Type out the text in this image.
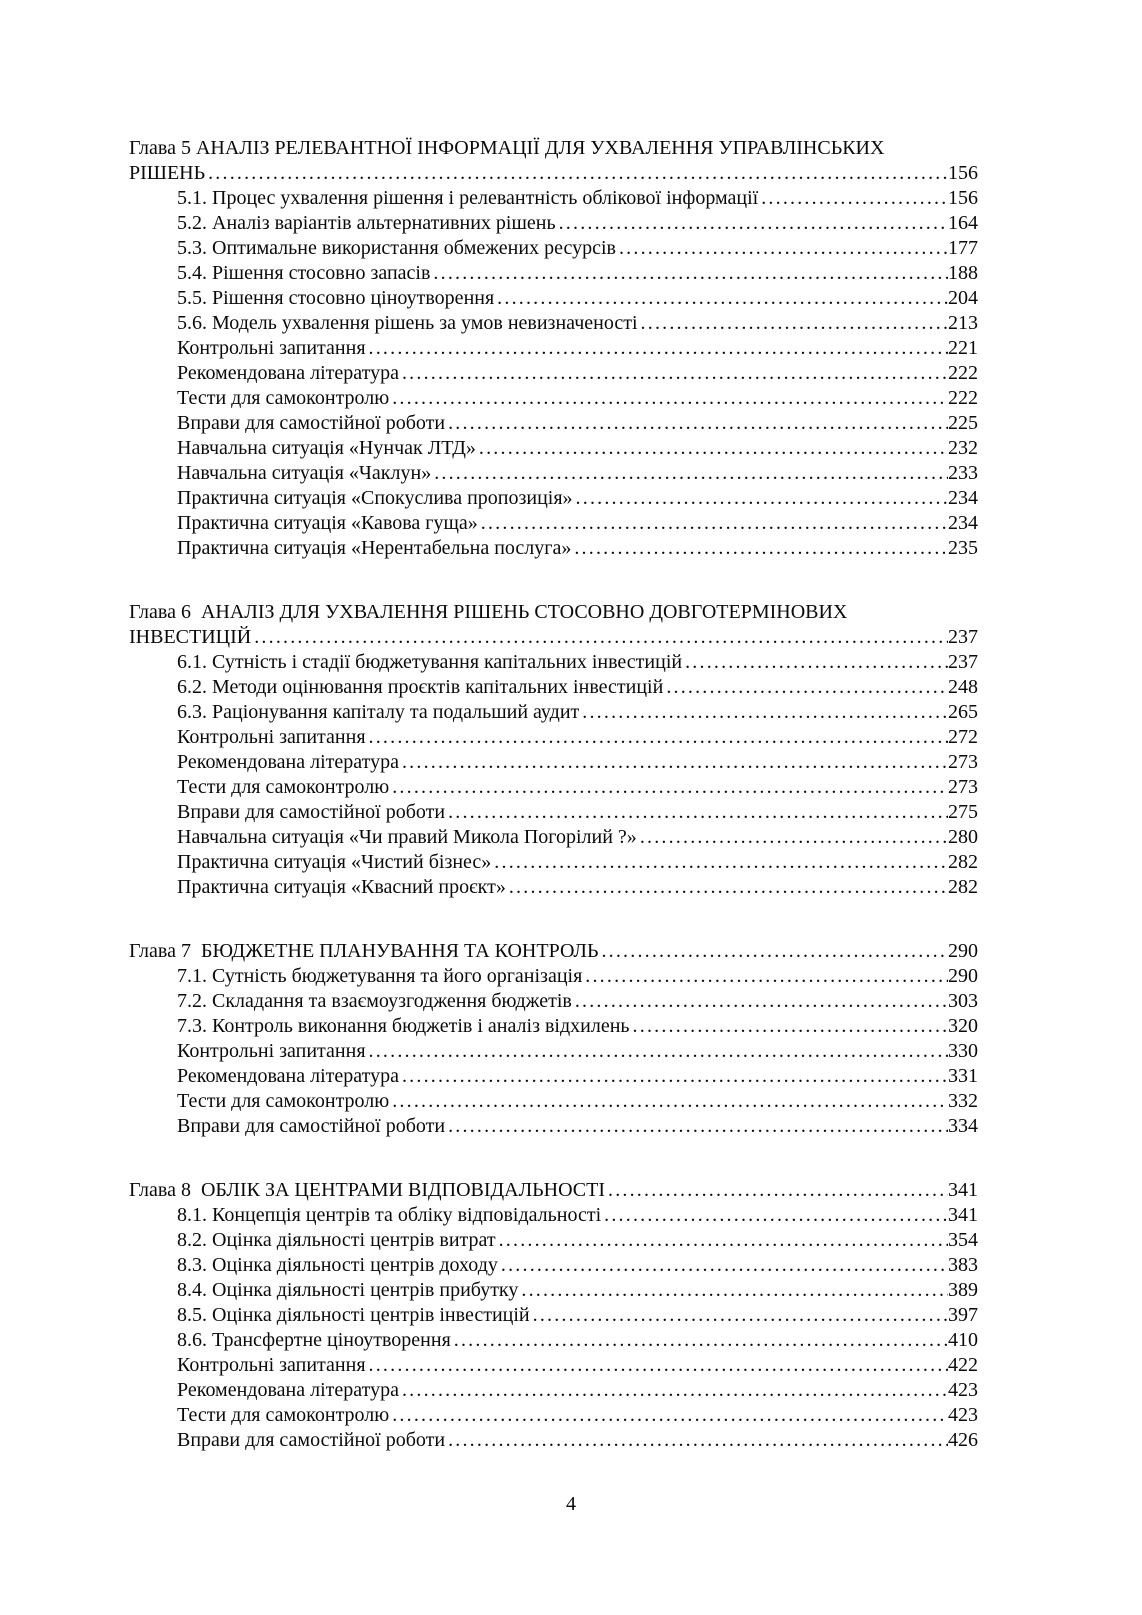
Глава 5 АНАЛІЗ РЕЛЕВАНТНОЇ ІНФОРМАЦІЇ ДЛЯ УХВАЛЕННЯ УПРАВЛІНСЬКИХ
РІШЕНЬ .....	156
5.1. Процес ухвалення рішення і релевантність облікової інформації .....	156
5.2. Аналіз варіантів альтернативних рішень .....	164
5.3. Оптимальне використання обмежених ресурсів .....	177
5.4. Рішення стосовно запасів .....	188
5.5. Рішення стосовно ціноутворення .....	204
5.6. Модель ухвалення рішень за умов невизначеності .....	213
Контрольні запитання .....	221
Рекомендована література .....	222
Тести для самоконтролю .....	222
Вправи для самостійної роботи .....	225
Навчальна ситуація «Нунчак ЛТД» .....	232
Навчальна ситуація «Чаклун» .....	233
Практична ситуація «Спокуслива пропозиція» .....	234
Практична ситуація «Кавова гуща» .....	234
Практична ситуація «Нерентабельна послуга» .....	235
Глава 6  АНАЛІЗ ДЛЯ УХВАЛЕННЯ РІШЕНЬ СТОСОВНО ДОВГОТЕРМІНОВИХ
ІНВЕСТИЦІЙ .....	237
6.1. Сутність і стадії бюджетування капітальних інвестицій .....	237
6.2. Методи оцінювання проєктів капітальних інвестицій .....	248
6.3. Раціонування капіталу та подальший аудит .....	265
Контрольні запитання .....	272
Рекомендована література .....	273
Тести для самоконтролю .....	273
Вправи для самостійної роботи .....	275
Навчальна ситуація «Чи правий Микола Погорілий ?» .....	280
Практична ситуація «Чистий бізнес» .....	282
Практична ситуація «Квасний проєкт» .....	282
Глава 7  БЮДЖЕТНЕ ПЛАНУВАННЯ ТА КОНТРОЛЬ .....	290
7.1. Сутність бюджетування та його організація .....	290
7.2. Складання та взаємоузгодження бюджетів .....	303
7.3. Контроль виконання бюджетів і аналіз відхилень .....	320
Контрольні запитання .....	330
Рекомендована література .....	331
Тести для самоконтролю .....	332
Вправи для самостійної роботи .....	334
Глава 8  ОБЛІК ЗА ЦЕНТРАМИ ВІДПОВІДАЛЬНОСТІ .....	341
8.1. Концепція центрів та обліку відповідальності .....	341
8.2. Оцінка діяльності центрів витрат .....	354
8.3. Оцінка діяльності центрів доходу .....	383
8.4. Оцінка діяльності центрів прибутку .....	389
8.5. Оцінка діяльності центрів інвестицій .....	397
8.6. Трансфертне ціноутворення .....	410
Контрольні запитання .....	422
Рекомендована література .....	423
Тести для самоконтролю .....	423
Вправи для самостійної роботи .....	426
4
